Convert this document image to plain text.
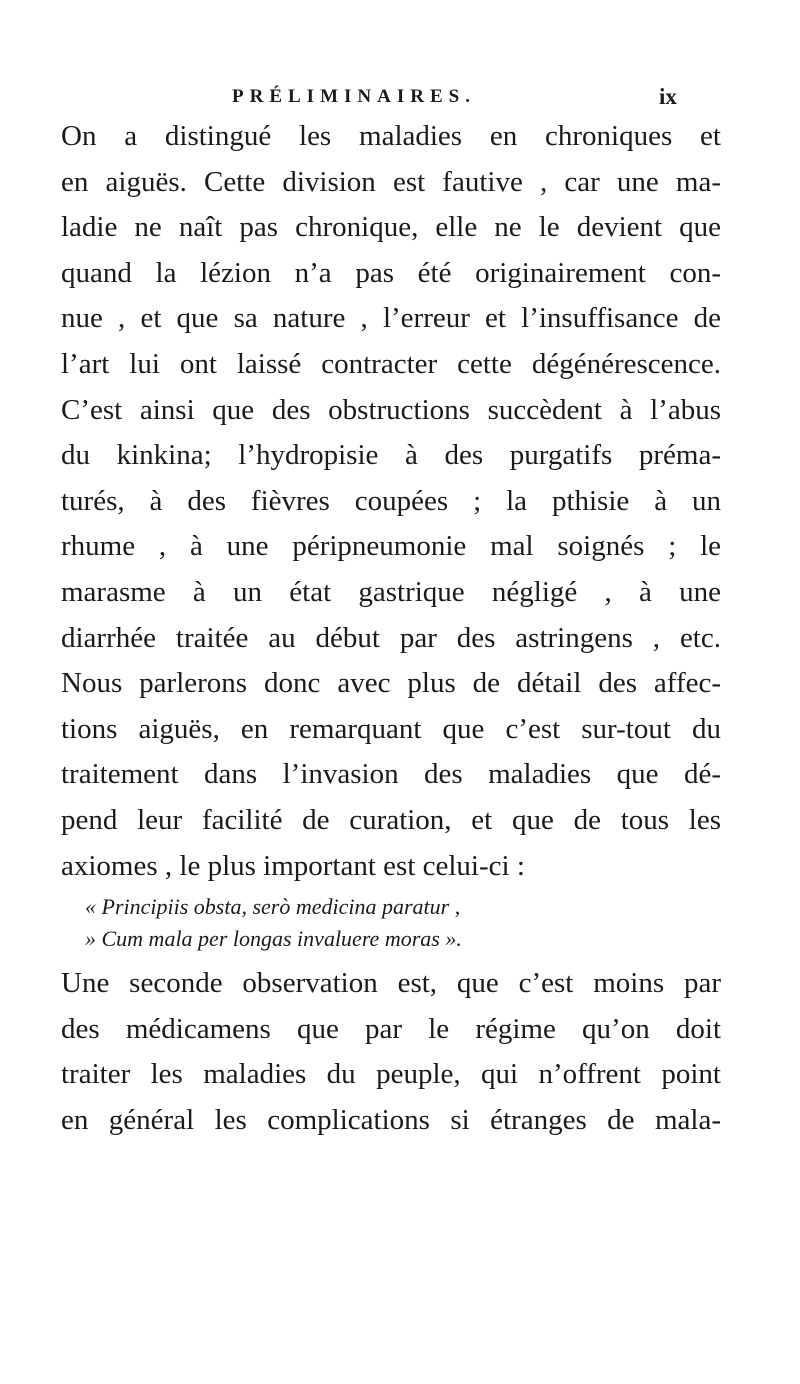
PRÉLIMINAIRES.	ix
On a distingué les maladies en chroniques et
en aiguës. Cette division est fautive , car une ma-
ladie ne naît pas chronique, elle ne le devient que
quand la lézion n’a pas été originairement con-
nue , et que sa nature , l’erreur et l’insuffisance de
l’art lui ont laissé contracter cette dégénérescence.
C’est ainsi que des obstructions succèdent à l’abus
du kinkina; l’hydropisie à des purgatifs préma-
turés, à des fièvres coupées ; la pthisie à un
rhume , à une péripneumonie mal soignés ; le
marasme à un état gastrique négligé , à une
diarrhée traitée au début par des astringens , etc.
Nous parlerons donc avec plus de détail des affec-
tions aiguës, en remarquant que c’est sur-tout du
traitement dans l’invasion des maladies que dé-
pend leur facilité de curation, et que de tous les
axiomes , le plus important est celui-ci :
« Principiis obsta, serò medicina paratur ,
» Cum mala per longas invaluere moras ».
Une seconde observation est, que c’est moins par
des médicamens que par le régime qu’on doit
traiter les maladies du peuple, qui n’offrent point
en général les complications si étranges de mala-
